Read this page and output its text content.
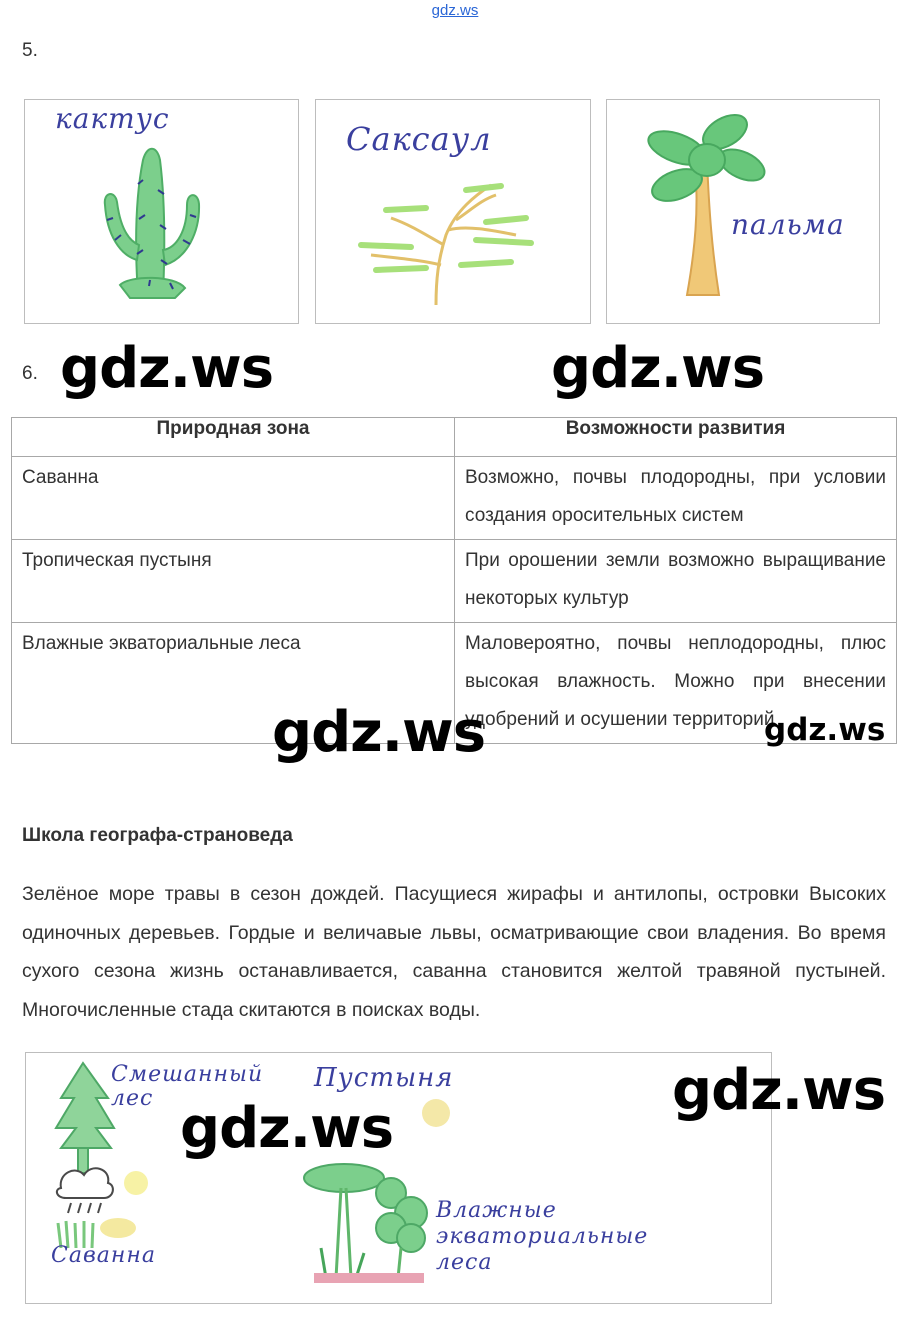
gdz.ws
5.
кактус
Саксаул
пальма
6.
Природная зона	Возможности развития
Саванна	Возможно, почвы плодородны, при условии создания оросительных систем
Тропическая пустыня	При орошении земли возможно выращивание некоторых культур
Влажные экваториальные леса	Маловероятно, почвы неплодородны, плюс высокая влажность. Можно при внесении удобрений и осушении территорий
Школа географа-страноведа
Зелёное море травы в сезон дождей. Пасущиеся жирафы и антилопы, островки Высоких одиночных деревьев. Гордые и величавые львы, осматривающие свои владения. Во время сухого сезона жизнь останавливается, саванна становится желтой травяной пустыней. Многочисленные стада скитаются в поисках воды.
Смешанный лес
Пустыня
Саванна
Влажные экваториальные леса
gdz.ws	gdz.ws
gdz.ws	gdz.ws
gdz.ws
gdz.ws
